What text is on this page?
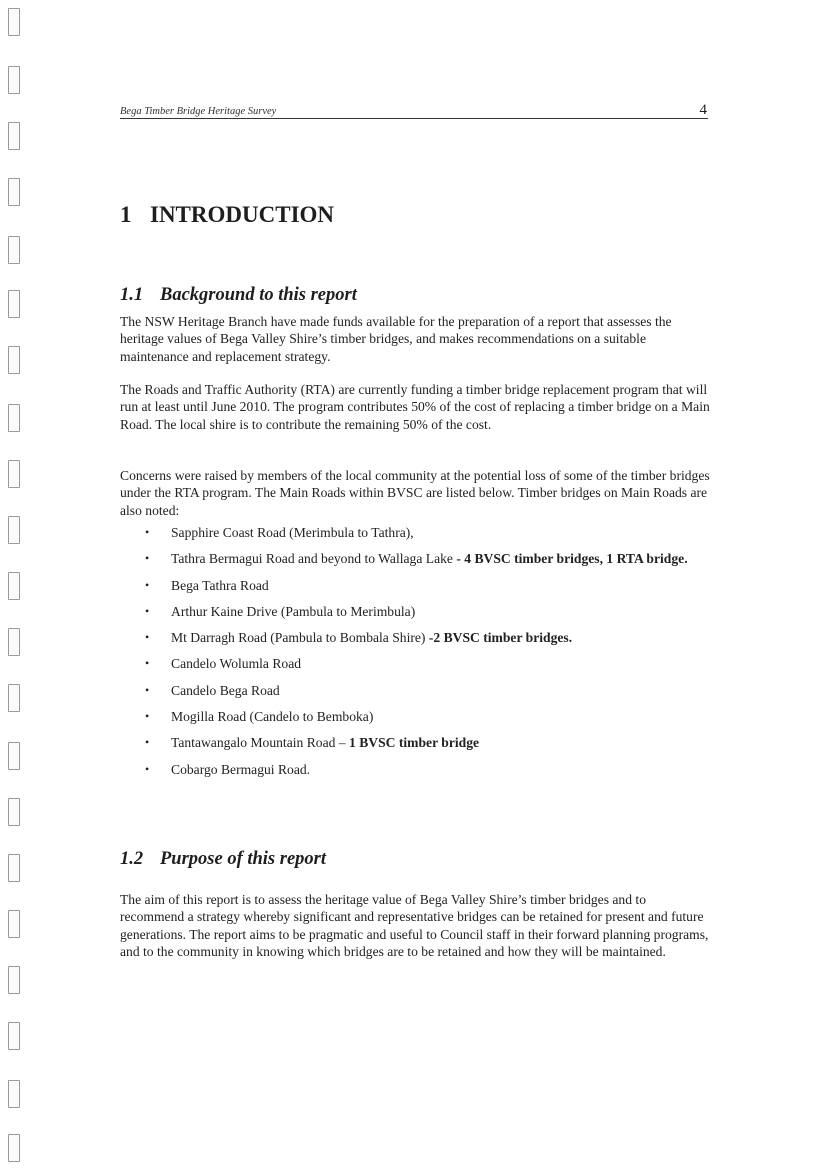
Bega Timber Bridge Heritage Survey	4
1 INTRODUCTION
1.1 Background to this report

The NSW Heritage Branch have made funds available for the preparation of a report that assesses the heritage values of Bega Valley Shire’s timber bridges, and makes recommendations on a suitable maintenance and replacement strategy.

The Roads and Traffic Authority (RTA) are currently funding a timber bridge replacement program that will run at least until June 2010. The program contributes 50% of the cost of replacing a timber bridge on a Main Road. The local shire is to contribute the remaining 50% of the cost.

Concerns were raised by members of the local community at the potential loss of some of the timber bridges under the RTA program. The Main Roads within BVSC are listed below. Timber bridges on Main Roads are also noted:

• Sapphire Coast Road (Merimbula to Tathra),
• Tathra Bermagui Road and beyond to Wallaga Lake - 4 BVSC timber bridges, 1 RTA bridge.
• Bega Tathra Road
• Arthur Kaine Drive (Pambula to Merimbula)
• Mt Darragh Road (Pambula to Bombala Shire) -2 BVSC timber bridges.
• Candelo Wolumla Road
• Candelo Bega Road
• Mogilla Road (Candelo to Bemboka)
• Tantawangalo Mountain Road – 1 BVSC timber bridge
• Cobargo Bermagui Road.
1.2 Purpose of this report

The aim of this report is to assess the heritage value of Bega Valley Shire’s timber bridges and to recommend a strategy whereby significant and representative bridges can be retained for present and future generations. The report aims to be pragmatic and useful to Council staff in their forward planning programs, and to the community in knowing which bridges are to be retained and how they will be maintained.
